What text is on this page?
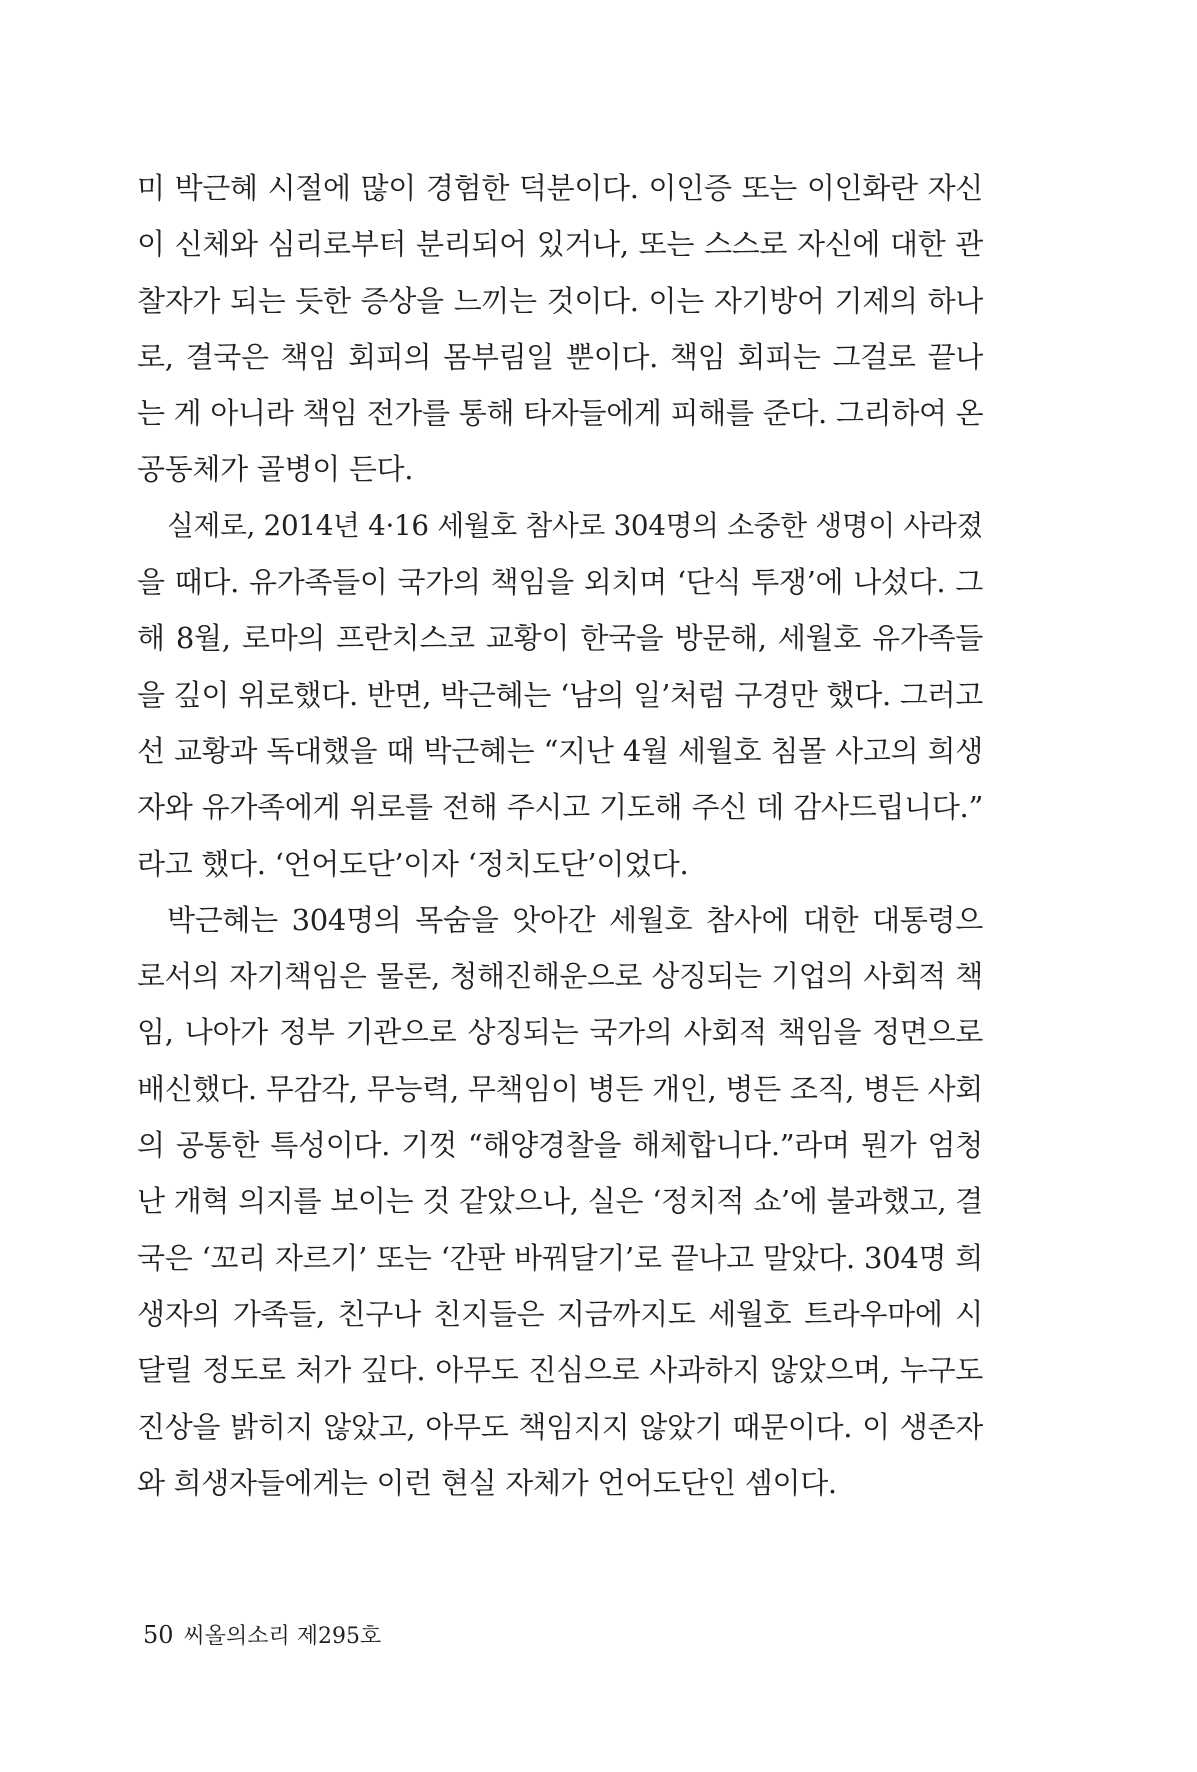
미 박근혜 시절에 많이 경험한 덕분이다. 이인증 또는 이인화란 자신
이 신체와 심리로부터 분리되어 있거나, 또는 스스로 자신에 대한 관
찰자가 되는 듯한 증상을 느끼는 것이다. 이는 자기방어 기제의 하나
로, 결국은 책임 회피의 몸부림일 뿐이다. 책임 회피는 그걸로 끝나
는 게 아니라 책임 전가를 통해 타자들에게 피해를 준다. 그리하여 온
공동체가 골병이 든다.
실제로, 2014년 4·16 세월호 참사로 304명의 소중한 생명이 사라졌
을 때다. 유가족들이 국가의 책임을 외치며 ‘단식 투쟁’에 나섰다. 그
해 8월, 로마의 프란치스코 교황이 한국을 방문해, 세월호 유가족들
을 깊이 위로했다. 반면, 박근혜는 ‘남의 일’처럼 구경만 했다. 그러고
선 교황과 독대했을 때 박근혜는 “지난 4월 세월호 침몰 사고의 희생
자와 유가족에게 위로를 전해 주시고 기도해 주신 데 감사드립니다.”
라고 했다. ‘언어도단’이자 ‘정치도단’이었다.
박근혜는 304명의 목숨을 앗아간 세월호 참사에 대한 대통령으
로서의 자기책임은 물론, 청해진해운으로 상징되는 기업의 사회적 책
임, 나아가 정부 기관으로 상징되는 국가의 사회적 책임을 정면으로
배신했다. 무감각, 무능력, 무책임이 병든 개인, 병든 조직, 병든 사회
의 공통한 특성이다. 기껏 “해양경찰을 해체합니다.”라며 뭔가 엄청
난 개혁 의지를 보이는 것 같았으나, 실은 ‘정치적 쇼’에 불과했고, 결
국은 ‘꼬리 자르기’ 또는 ‘간판 바꿔달기’로 끝나고 말았다. 304명 희
생자의 가족들, 친구나 친지들은 지금까지도 세월호 트라우마에 시
달릴 정도로 처가 깊다. 아무도 진심으로 사과하지 않았으며, 누구도
진상을 밝히지 않았고, 아무도 책임지지 않았기 때문이다. 이 생존자
와 희생자들에게는 이런 현실 자체가 언어도단인 셈이다.
50 씨올의소리 제295호
